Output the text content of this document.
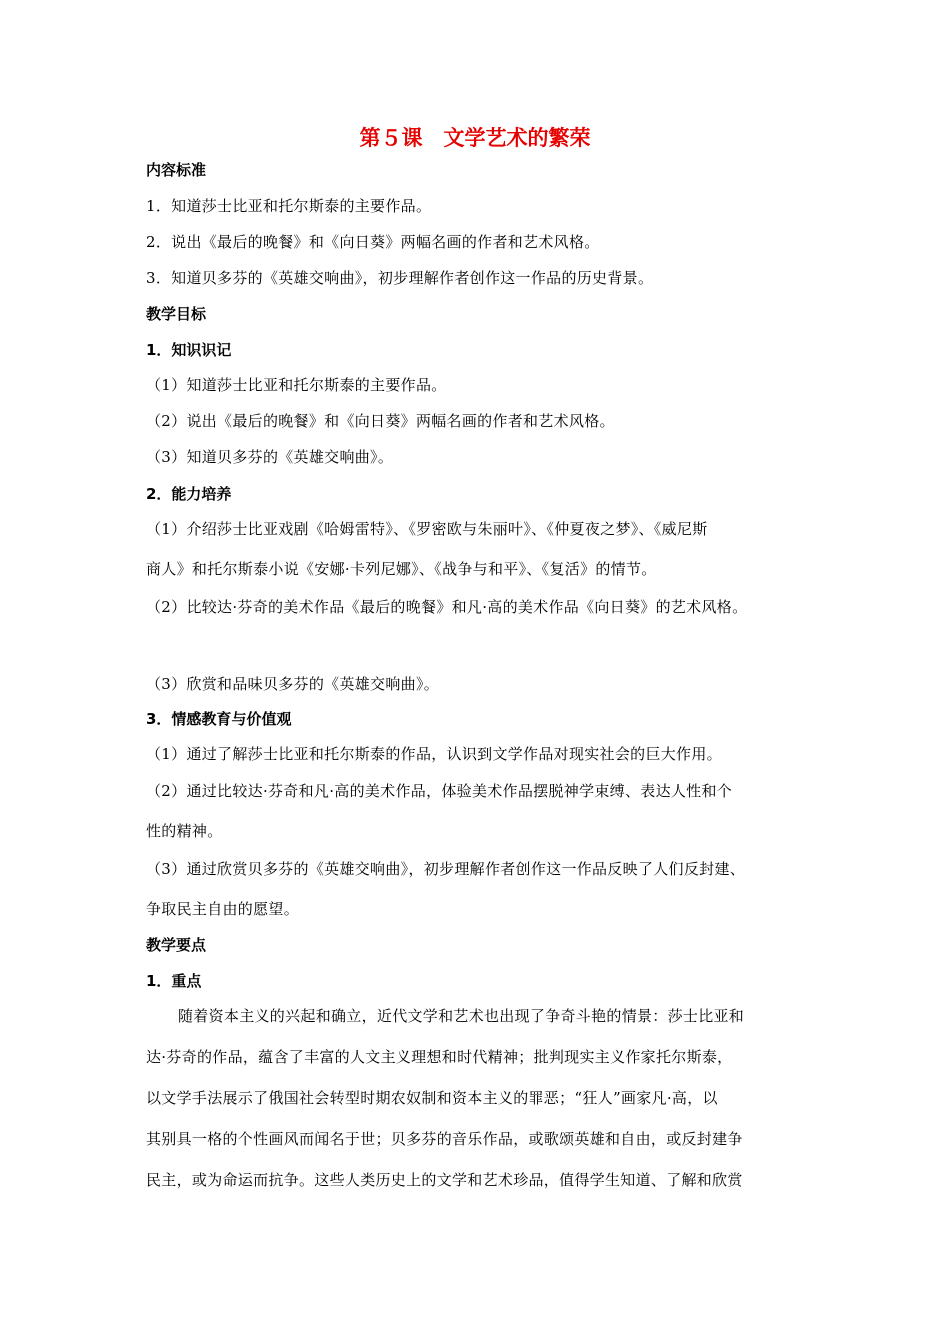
第５课　文学艺术的繁荣
内容标准
1．知道莎士比亚和托尔斯泰的主要作品。
2．说出《最后的晚餐》和《向日葵》两幅名画的作者和艺术风格。
3．知道贝多芬的《英雄交响曲》，初步理解作者创作这一作品的历史背景。
教学目标
1．知识识记
（1）知道莎士比亚和托尔斯泰的主要作品。
（2）说出《最后的晚餐》和《向日葵》两幅名画的作者和艺术风格。
（3）知道贝多芬的《英雄交响曲》。
2．能力培养
（1）介绍莎士比亚戏剧《哈姆雷特》、《罗密欧与朱丽叶》、《仲夏夜之梦》、《威尼斯
商人》和托尔斯泰小说《安娜·卡列尼娜》、《战争与和平》、《复活》的情节。
（2）比较达·芬奇的美术作品《最后的晚餐》和凡·高的美术作品《向日葵》的艺术风格。
（3）欣赏和品味贝多芬的《英雄交响曲》。
3．情感教育与价值观
（1）通过了解莎士比亚和托尔斯泰的作品，认识到文学作品对现实社会的巨大作用。
（2）通过比较达·芬奇和凡·高的美术作品，体验美术作品摆脱神学束缚、表达人性和个
性的精神。
（3）通过欣赏贝多芬的《英雄交响曲》，初步理解作者创作这一作品反映了人们反封建、
争取民主自由的愿望。
教学要点
1．重点
随着资本主义的兴起和确立，近代文学和艺术也出现了争奇斗艳的情景：莎士比亚和
达·芬奇的作品，蕴含了丰富的人文主义理想和时代精神；批判现实主义作家托尔斯泰，
以文学手法展示了俄国社会转型时期农奴制和资本主义的罪恶；“狂人”画家凡·高，以
其别具一格的个性画风而闻名于世；贝多芬的音乐作品，或歌颂英雄和自由，或反封建争
民主，或为命运而抗争。这些人类历史上的文学和艺术珍品，值得学生知道、了解和欣赏
